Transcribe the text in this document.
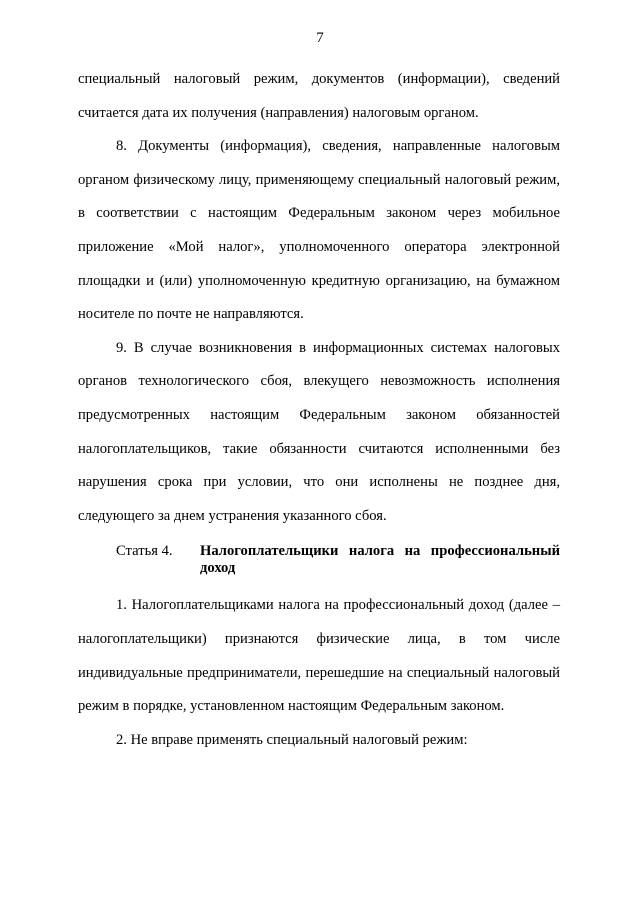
7

специальный налоговый режим, документов (информации), сведений считается дата их получения (направления) налоговым органом.

8. Документы (информация), сведения, направленные налоговым органом физическому лицу, применяющему специальный налоговый режим, в соответствии с настоящим Федеральным законом через мобильное приложение «Мой налог», уполномоченного оператора электронной площадки и (или) уполномоченную кредитную организацию, на бумажном носителе по почте не направляются.

9. В случае возникновения в информационных системах налоговых органов технологического сбоя, влекущего невозможность исполнения предусмотренных настоящим Федеральным законом обязанностей налогоплательщиков, такие обязанности считаются исполненными без нарушения срока при условии, что они исполнены не позднее дня, следующего за днем устранения указанного сбоя.

Статья 4.	Налогоплательщики налога на профессиональный
доход

1. Налогоплательщиками налога на профессиональный доход (далее – налогоплательщики) признаются физические лица, в том числе индивидуальные предприниматели, перешедшие на специальный налоговый режим в порядке, установленном настоящим Федеральным законом.

2. Не вправе применять специальный налоговый режим:
